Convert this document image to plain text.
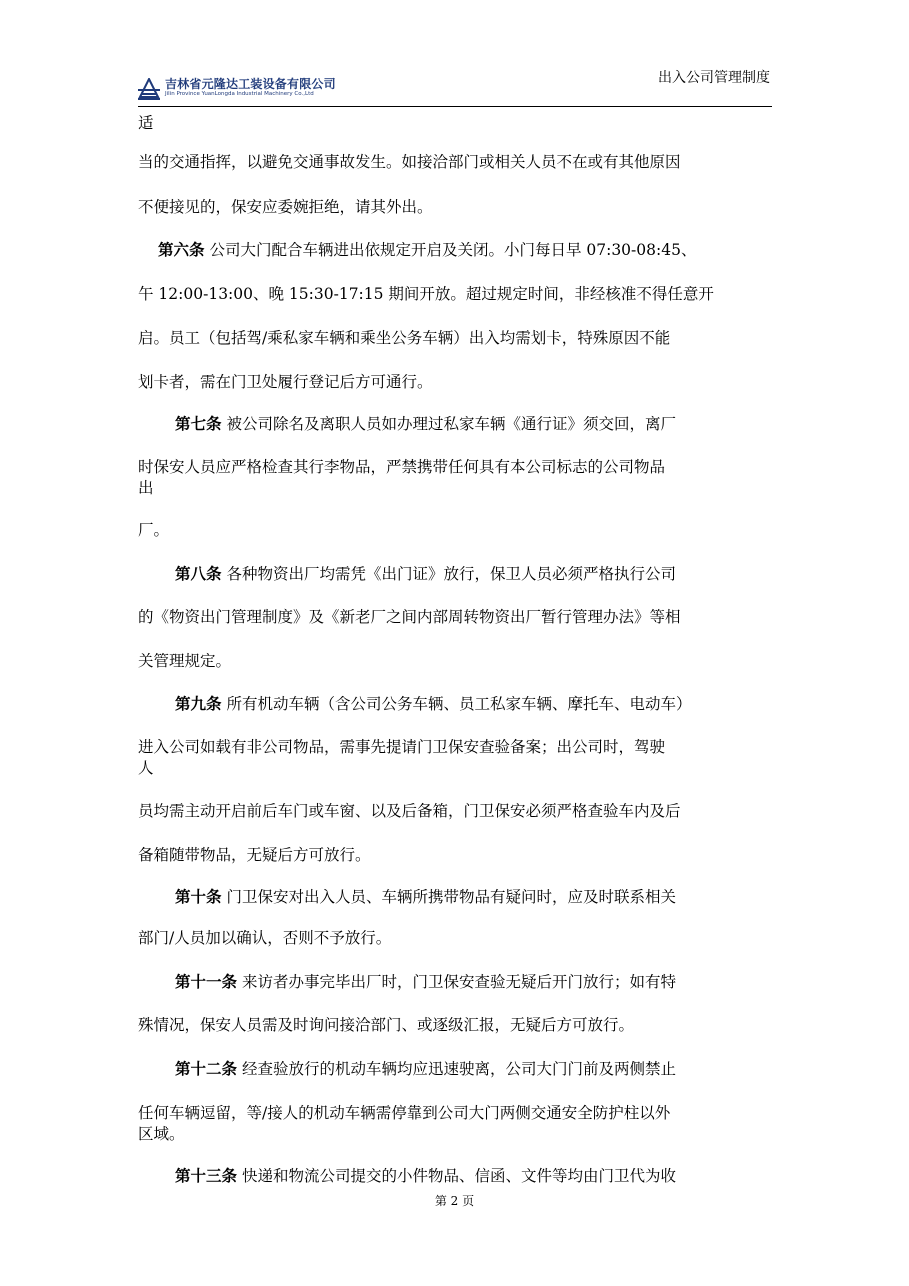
吉林省元隆达工装设备有限公司
Jilin Province YuanLongda Industrial Machinery Co.,Ltd
出入公司管理制度
适
当的交通指挥，以避免交通事故发生。如接洽部门或相关人员不在或有其他原因
不便接见的，保安应委婉拒绝，请其外出。
第六条 公司大门配合车辆进出依规定开启及关闭。小门每日早 07:30-08:45、
午 12:00-13:00、晚 15:30-17:15 期间开放。超过规定时间，非经核准不得任意开
启。员工（包括驾/乘私家车辆和乘坐公务车辆）出入均需划卡，特殊原因不能
划卡者，需在门卫处履行登记后方可通行。
第七条 被公司除名及离职人员如办理过私家车辆《通行证》须交回，离厂
时保安人员应严格检查其行李物品，严禁携带任何具有本公司标志的公司物品
出
厂。
第八条 各种物资出厂均需凭《出门证》放行，保卫人员必须严格执行公司
的《物资出门管理制度》及《新老厂之间内部周转物资出厂暂行管理办法》等相
关管理规定。
第九条 所有机动车辆（含公司公务车辆、员工私家车辆、摩托车、电动车）
进入公司如载有非公司物品，需事先提请门卫保安查验备案；出公司时，驾驶
人
员均需主动开启前后车门或车窗、以及后备箱，门卫保安必须严格查验车内及后
备箱随带物品，无疑后方可放行。
第十条 门卫保安对出入人员、车辆所携带物品有疑问时，应及时联系相关
部门/人员加以确认，否则不予放行。
第十一条 来访者办事完毕出厂时，门卫保安查验无疑后开门放行；如有特
殊情况，保安人员需及时询问接洽部门、或逐级汇报，无疑后方可放行。
第十二条 经查验放行的机动车辆均应迅速驶离，公司大门门前及两侧禁止
任何车辆逗留，等/接人的机动车辆需停靠到公司大门两侧交通安全防护柱以外
区域。
第十三条 快递和物流公司提交的小件物品、信函、文件等均由门卫代为收
第 2 页
